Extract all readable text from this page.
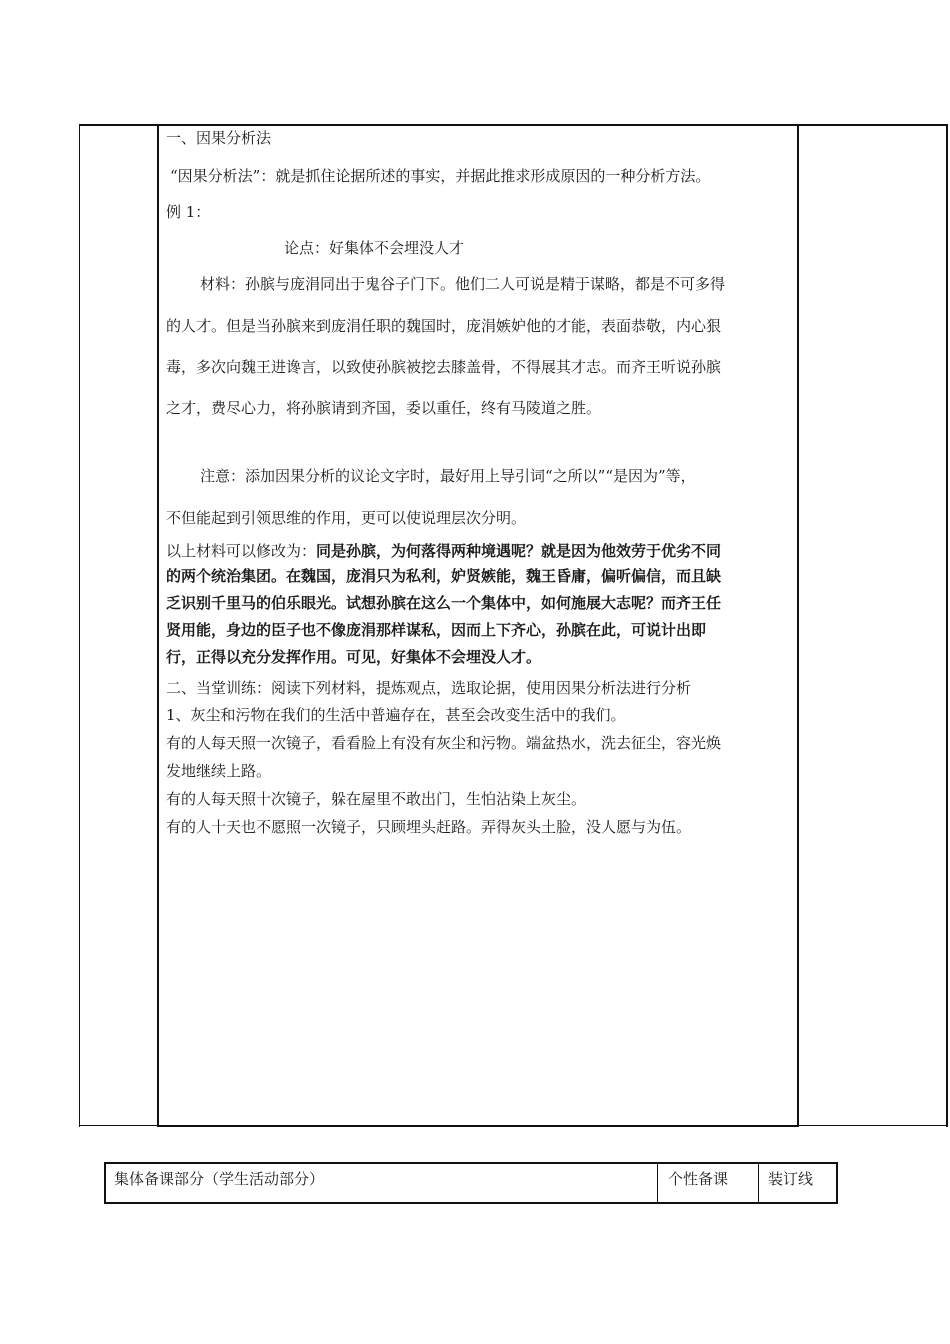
一、因果分析法
“因果分析法”：就是抓住论据所述的事实，并据此推求形成原因的一种分析方法。
例 1：
论点：好集体不会埋没人才
材料：孙膑与庞涓同出于鬼谷子门下。他们二人可说是精于谋略，都是不可多得
的人才。但是当孙膑来到庞涓任职的魏国时，庞涓嫉妒他的才能，表面恭敬，内心狠
毒，多次向魏王进谗言，以致使孙膑被挖去膝盖骨，不得展其才志。而齐王听说孙膑
之才，费尽心力，将孙膑请到齐国，委以重任，终有马陵道之胜。
注意：添加因果分析的议论文字时，最好用上导引词“之所以”“是因为”等，
不但能起到引领思维的作用，更可以使说理层次分明。
以上材料可以修改为：同是孙膑，为何落得两种境遇呢？就是因为他效劳于优劣不同
的两个统治集团。在魏国，庞涓只为私利，妒贤嫉能，魏王昏庸，偏听偏信，而且缺
乏识别千里马的伯乐眼光。试想孙膑在这么一个集体中，如何施展大志呢？而齐王任
贤用能，身边的臣子也不像庞涓那样谋私，因而上下齐心，孙膑在此，可说计出即
行，正得以充分发挥作用。可见，好集体不会埋没人才。
二、当堂训练：阅读下列材料，提炼观点，选取论据，使用因果分析法进行分析
1、灰尘和污物在我们的生活中普遍存在，甚至会改变生活中的我们。
有的人每天照一次镜子，看看脸上有没有灰尘和污物。端盆热水，洗去征尘，容光焕
发地继续上路。
有的人每天照十次镜子，躲在屋里不敢出门，生怕沾染上灰尘。
有的人十天也不愿照一次镜子，只顾埋头赶路。弄得灰头土脸，没人愿与为伍。
集体备课部分（学生活动部分）	个性备课	装订线
